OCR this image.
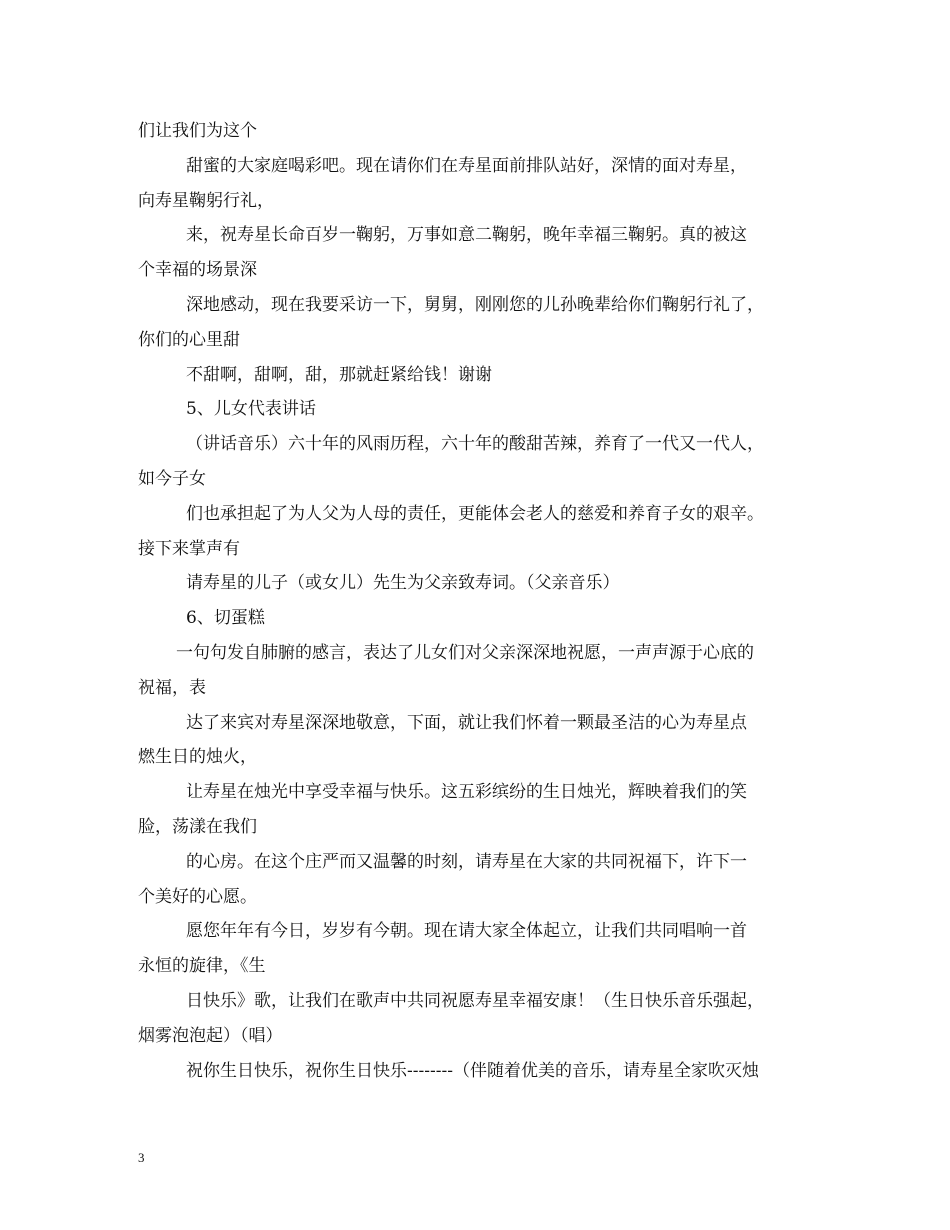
们让我们为这个
甜蜜的大家庭喝彩吧。现在请你们在寿星面前排队站好，深情的面对寿星，
向寿星鞠躬行礼，
来，祝寿星长命百岁一鞠躬，万事如意二鞠躬，晚年幸福三鞠躬。真的被这
个幸福的场景深
深地感动，现在我要采访一下，舅舅，刚刚您的儿孙晚辈给你们鞠躬行礼了，
你们的心里甜
不甜啊，甜啊，甜，那就赶紧给钱！谢谢
5、儿女代表讲话
（讲话音乐）六十年的风雨历程，六十年的酸甜苦辣，养育了一代又一代人，
如今子女
们也承担起了为人父为人母的责任，更能体会老人的慈爱和养育子女的艰辛。
接下来掌声有
请寿星的儿子（或女儿）先生为父亲致寿词。（父亲音乐）
6、切蛋糕
一句句发自肺腑的感言，表达了儿女们对父亲深深地祝愿，一声声源于心底的
祝福，表
达了来宾对寿星深深地敬意，下面，就让我们怀着一颗最圣洁的心为寿星点
燃生日的烛火，
让寿星在烛光中享受幸福与快乐。这五彩缤纷的生日烛光，辉映着我们的笑
脸，荡漾在我们
的心房。在这个庄严而又温馨的时刻，请寿星在大家的共同祝福下，许下一
个美好的心愿。
愿您年年有今日，岁岁有今朝。现在请大家全体起立，让我们共同唱响一首
永恒的旋律，《生
日快乐》歌，让我们在歌声中共同祝愿寿星幸福安康！（生日快乐音乐强起，
烟雾泡泡起）（唱）
祝你生日快乐，祝你生日快乐--------（伴随着优美的音乐，请寿星全家吹灭烛
3
